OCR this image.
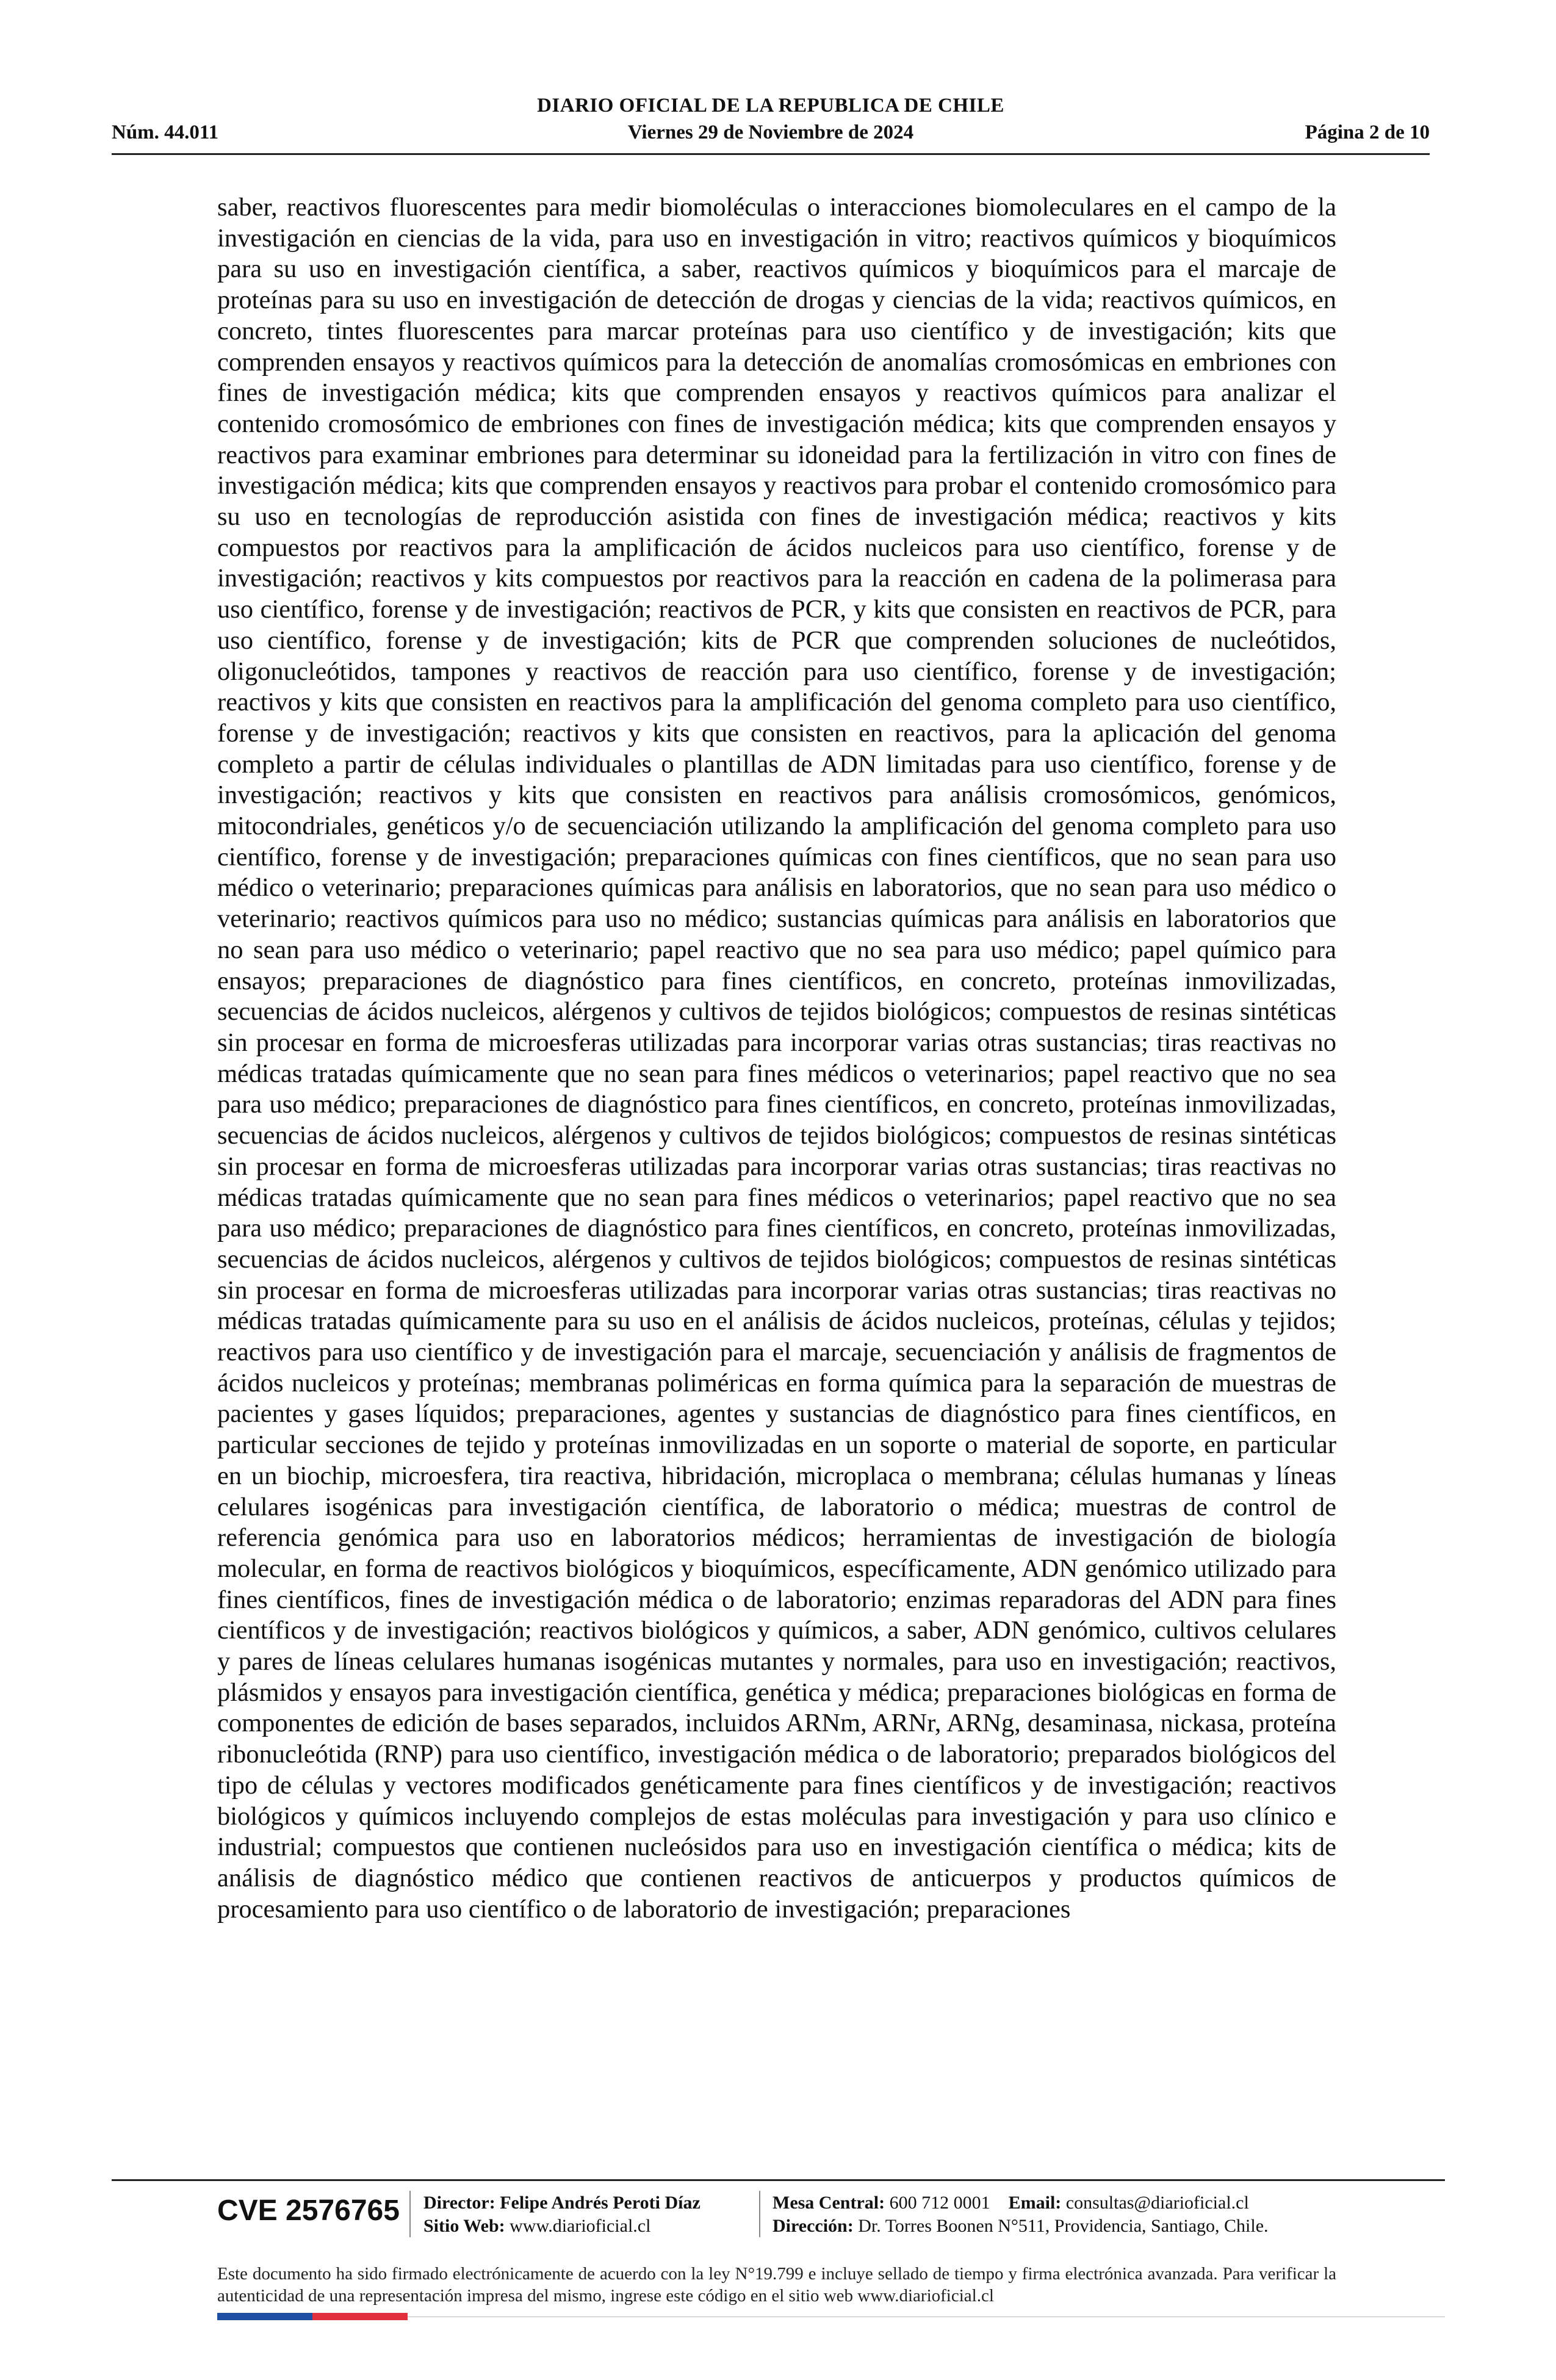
DIARIO OFICIAL DE LA REPUBLICA DE CHILE
Núm. 44.011	Viernes 29 de Noviembre de 2024	Página 2 de 10
saber, reactivos fluorescentes para medir biomoléculas o interacciones biomoleculares en el campo de la investigación en ciencias de la vida, para uso en investigación in vitro; reactivos químicos y bioquímicos para su uso en investigación científica, a saber, reactivos químicos y bioquímicos para el marcaje de proteínas para su uso en investigación de detección de drogas y ciencias de la vida; reactivos químicos, en concreto, tintes fluorescentes para marcar proteínas para uso científico y de investigación; kits que comprenden ensayos y reactivos químicos para la detección de anomalías cromosómicas en embriones con fines de investigación médica; kits que comprenden ensayos y reactivos químicos para analizar el contenido cromosómico de embriones con fines de investigación médica; kits que comprenden ensayos y reactivos para examinar embriones para determinar su idoneidad para la fertilización in vitro con fines de investigación médica; kits que comprenden ensayos y reactivos para probar el contenido cromosómico para su uso en tecnologías de reproducción asistida con fines de investigación médica; reactivos y kits compuestos por reactivos para la amplificación de ácidos nucleicos para uso científico, forense y de investigación; reactivos y kits compuestos por reactivos para la reacción en cadena de la polimerasa para uso científico, forense y de investigación; reactivos de PCR, y kits que consisten en reactivos de PCR, para uso científico, forense y de investigación; kits de PCR que comprenden soluciones de nucleótidos, oligonucleótidos, tampones y reactivos de reacción para uso científico, forense y de investigación; reactivos y kits que consisten en reactivos para la amplificación del genoma completo para uso científico, forense y de investigación; reactivos y kits que consisten en reactivos, para la aplicación del genoma completo a partir de células individuales o plantillas de ADN limitadas para uso científico, forense y de investigación; reactivos y kits que consisten en reactivos para análisis cromosómicos, genómicos, mitocondriales, genéticos y/o de secuenciación utilizando la amplificación del genoma completo para uso científico, forense y de investigación; preparaciones químicas con fines científicos, que no sean para uso médico o veterinario; preparaciones químicas para análisis en laboratorios, que no sean para uso médico o veterinario; reactivos químicos para uso no médico; sustancias químicas para análisis en laboratorios que no sean para uso médico o veterinario; papel reactivo que no sea para uso médico; papel químico para ensayos; preparaciones de diagnóstico para fines científicos, en concreto, proteínas inmovilizadas, secuencias de ácidos nucleicos, alérgenos y cultivos de tejidos biológicos; compuestos de resinas sintéticas sin procesar en forma de microesferas utilizadas para incorporar varias otras sustancias; tiras reactivas no médicas tratadas químicamente que no sean para fines médicos o veterinarios; papel reactivo que no sea para uso médico; preparaciones de diagnóstico para fines científicos, en concreto, proteínas inmovilizadas, secuencias de ácidos nucleicos, alérgenos y cultivos de tejidos biológicos; compuestos de resinas sintéticas sin procesar en forma de microesferas utilizadas para incorporar varias otras sustancias; tiras reactivas no médicas tratadas químicamente que no sean para fines médicos o veterinarios; papel reactivo que no sea para uso médico; preparaciones de diagnóstico para fines científicos, en concreto, proteínas inmovilizadas, secuencias de ácidos nucleicos, alérgenos y cultivos de tejidos biológicos; compuestos de resinas sintéticas sin procesar en forma de microesferas utilizadas para incorporar varias otras sustancias; tiras reactivas no médicas tratadas químicamente para su uso en el análisis de ácidos nucleicos, proteínas, células y tejidos; reactivos para uso científico y de investigación para el marcaje, secuenciación y análisis de fragmentos de ácidos nucleicos y proteínas; membranas poliméricas en forma química para la separación de muestras de pacientes y gases líquidos; preparaciones, agentes y sustancias de diagnóstico para fines científicos, en particular secciones de tejido y proteínas inmovilizadas en un soporte o material de soporte, en particular en un biochip, microesfera, tira reactiva, hibridación, microplaca o membrana; células humanas y líneas celulares isogénicas para investigación científica, de laboratorio o médica; muestras de control de referencia genómica para uso en laboratorios médicos; herramientas de investigación de biología molecular, en forma de reactivos biológicos y bioquímicos, específicamente, ADN genómico utilizado para fines científicos, fines de investigación médica o de laboratorio; enzimas reparadoras del ADN para fines científicos y de investigación; reactivos biológicos y químicos, a saber, ADN genómico, cultivos celulares y pares de líneas celulares humanas isogénicas mutantes y normales, para uso en investigación; reactivos, plásmidos y ensayos para investigación científica, genética y médica; preparaciones biológicas en forma de componentes de edición de bases separados, incluidos ARNm, ARNr, ARNg, desaminasa, nickasa, proteína ribonucleótida (RNP) para uso científico, investigación médica o de laboratorio; preparados biológicos del tipo de células y vectores modificados genéticamente para fines científicos y de investigación; reactivos biológicos y químicos incluyendo complejos de estas moléculas para investigación y para uso clínico e industrial; compuestos que contienen nucleósidos para uso en investigación científica o médica; kits de análisis de diagnóstico médico que contienen reactivos de anticuerpos y productos químicos de procesamiento para uso científico o de laboratorio de investigación; preparaciones
CVE 2576765 Director: Felipe Andrés Peroti Díaz
Sitio Web: www.diarioficial.cl
Mesa Central: 600 712 0001 Email: consultas@diarioficial.cl
Dirección: Dr. Torres Boonen N°511, Providencia, Santiago, Chile.
Este documento ha sido firmado electrónicamente de acuerdo con la ley N°19.799 e incluye sellado de tiempo y firma electrónica avanzada. Para verificar la autenticidad de una representación impresa del mismo, ingrese este código en el sitio web www.diarioficial.cl
